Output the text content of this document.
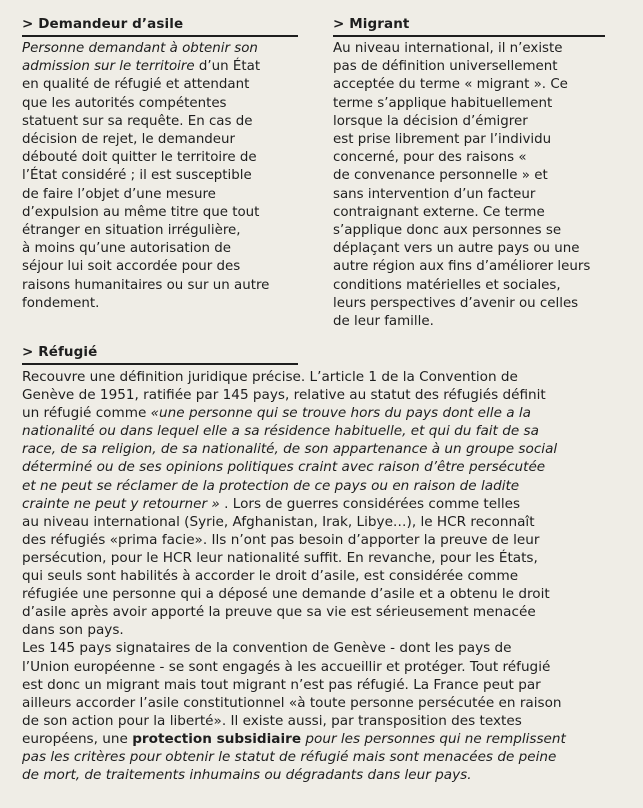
> Demandeur d’asile
Personne demandant à obtenir son
admission sur le territoire d’un État
en qualité de réfugié et attendant
que les autorités compétentes
statuent sur sa requête. En cas de
décision de rejet, le demandeur
débouté doit quitter le territoire de
l’État considéré ; il est susceptible
de faire l’objet d’une mesure
d’expulsion au même titre que tout
étranger en situation irrégulière,
à moins qu’une autorisation de
séjour lui soit accordée pour des
raisons humanitaires ou sur un autre
fondement.
> Migrant
Au niveau international, il n’existe
pas de définition universellement
acceptée du terme « migrant ». Ce
terme s’applique habituellement
lorsque la décision d’émigrer
est prise librement par l’individu
concerné, pour des raisons «
de convenance personnelle » et
sans intervention d’un facteur
contraignant externe. Ce terme
s’applique donc aux personnes se
déplaçant vers un autre pays ou une
autre région aux fins d’améliorer leurs
conditions matérielles et sociales,
leurs perspectives d’avenir ou celles
de leur famille.
> Réfugié
Recouvre une définition juridique précise. L’article 1 de la Convention de
Genève de 1951, ratifiée par 145 pays, relative au statut des réfugiés définit
un réfugié comme «une personne qui se trouve hors du pays dont elle a la
nationalité ou dans lequel elle a sa résidence habituelle, et qui du fait de sa
race, de sa religion, de sa nationalité, de son appartenance à un groupe social
déterminé ou de ses opinions politiques craint avec raison d’être persécutée
et ne peut se réclamer de la protection de ce pays ou en raison de ladite
crainte ne peut y retourner » . Lors de guerres considérées comme telles
au niveau international (Syrie, Afghanistan, Irak, Libye…), le HCR reconnaît
des réfugiés «prima facie». Ils n’ont pas besoin d’apporter la preuve de leur
persécution, pour le HCR leur nationalité suffit. En revanche, pour les États,
qui seuls sont habilités à accorder le droit d’asile, est considérée comme
réfugiée une personne qui a déposé une demande d’asile et a obtenu le droit
d’asile après avoir apporté la preuve que sa vie est sérieusement menacée
dans son pays.
Les 145 pays signataires de la convention de Genève - dont les pays de
l’Union européenne - se sont engagés à les accueillir et protéger. Tout réfugié
est donc un migrant mais tout migrant n’est pas réfugié. La France peut par
ailleurs accorder l’asile constitutionnel «à toute personne persécutée en raison
de son action pour la liberté». Il existe aussi, par transposition des textes
européens, une protection subsidiaire pour les personnes qui ne remplissent
pas les critères pour obtenir le statut de réfugié mais sont menacées de peine
de mort, de traitements inhumains ou dégradants dans leur pays.
